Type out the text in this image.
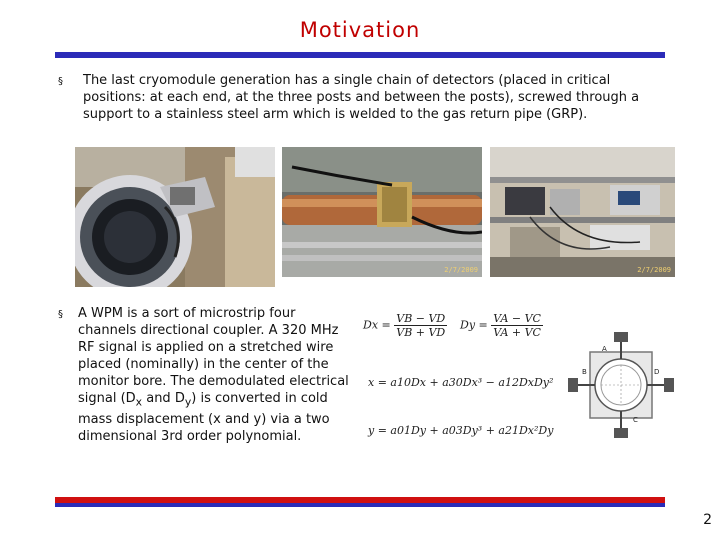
Motivation
§ The last cryomodule generation has a single chain of detectors (placed in critical positions: at each end, at the three posts and between the posts), screwed through a support to a stainless steel arm which is welded to the gas return pipe (GRP).
2/7/2009	2/7/2009
§ A WPM is a sort of microstrip four channels directional coupler. A 320 MHz RF signal is applied on a stretched wire placed (nominally) in the center of the monitor bore. The demodulated electrical signal ($D_x$ and $D_y$) is converted in cold mass displacement (x and y) via a two dimensional 3rd order polynomial.
$Dx = \frac{VB - VD}{VB + VD}$ $Dy = \frac{VA - VC}{VA + VC}$
x = a10Dx + a30Dx³ − a12DxDy²
y = a01Dy + a03Dy³ + a21Dx²Dy
A
B
C
D
2
